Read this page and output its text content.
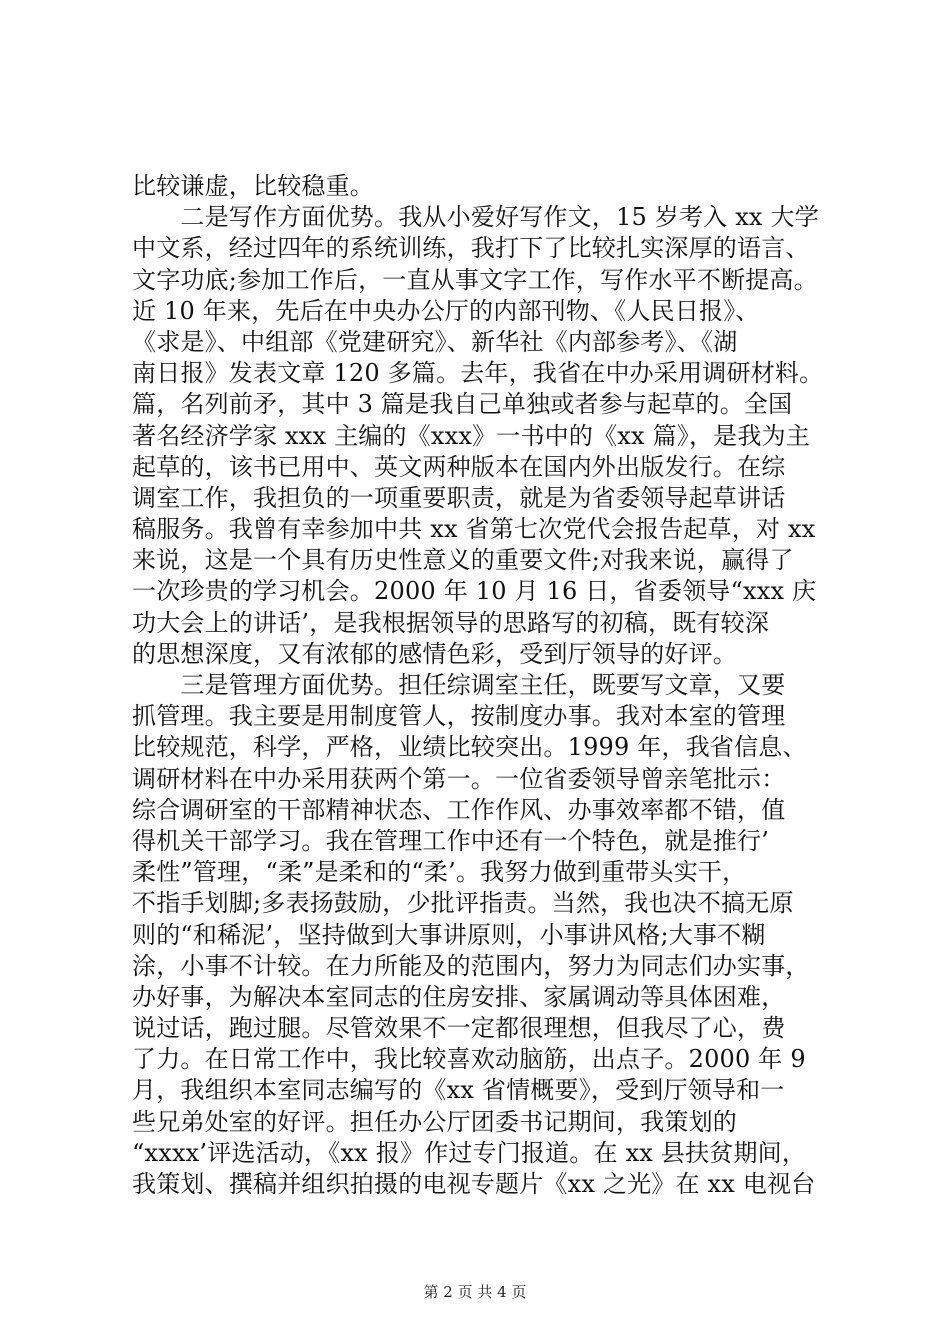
比较谦虚，比较稳重。
　　二是写作方面优势。我从小爱好写作文，15 岁考入 xx 大学
中文系，经过四年的系统训练，我打下了比较扎实深厚的语言、
文字功底;参加工作后，一直从事文字工作，写作水平不断提高。
近 10 年来，先后在中央办公厅的内部刊物、《人民日报》、
《求是》、中组部《党建研究》、新华社《内部参考》、《湖
南日报》发表文章 120 多篇。去年，我省在中办采用调研材料。
篇，名列前矛，其中 3 篇是我自己单独或者参与起草的。全国
著名经济学家 xxx 主编的《xxx》一书中的《xx 篇》，是我为主
起草的，该书已用中、英文两种版本在国内外出版发行。在综
调室工作，我担负的一项重要职责，就是为省委领导起草讲话
稿服务。我曾有幸参加中共 xx 省第七次党代会报告起草，对 xx
来说，这是一个具有历史性意义的重要文件;对我来说，赢得了
一次珍贵的学习机会。2000 年 10 月 16 日，省委领导“xxx 庆
功大会上的讲话’，是我根据领导的思路写的初稿，既有较深
的思想深度，又有浓郁的感情色彩，受到厅领导的好评。
　　三是管理方面优势。担任综调室主任，既要写文章，又要
抓管理。我主要是用制度管人，按制度办事。我对本室的管理
比较规范，科学，严格，业绩比较突出。1999 年，我省信息、
调研材料在中办采用获两个第一。一位省委领导曾亲笔批示：
综合调研室的干部精神状态、工作作风、办事效率都不错，值
得机关干部学习。我在管理工作中还有一个特色，就是推行’
柔性”管理，“柔”是柔和的“柔’。我努力做到重带头实干，
不指手划脚;多表扬鼓励，少批评指责。当然，我也决不搞无原
则的“和稀泥’，坚持做到大事讲原则，小事讲风格;大事不糊
涂，小事不计较。在力所能及的范围内，努力为同志们办实事，
办好事，为解决本室同志的住房安排、家属调动等具体困难，
说过话，跑过腿。尽管效果不一定都很理想，但我尽了心，费
了力。在日常工作中，我比较喜欢动脑筋，出点子。2000 年 9
月，我组织本室同志编写的《xx 省情概要》，受到厅领导和一
些兄弟处室的好评。担任办公厅团委书记期间，我策划的
“xxxx’评选活动，《xx 报》作过专门报道。在 xx 县扶贫期间，
我策划、撰稿并组织拍摄的电视专题片《xx 之光》在 xx 电视台
第 2 页 共 4 页
